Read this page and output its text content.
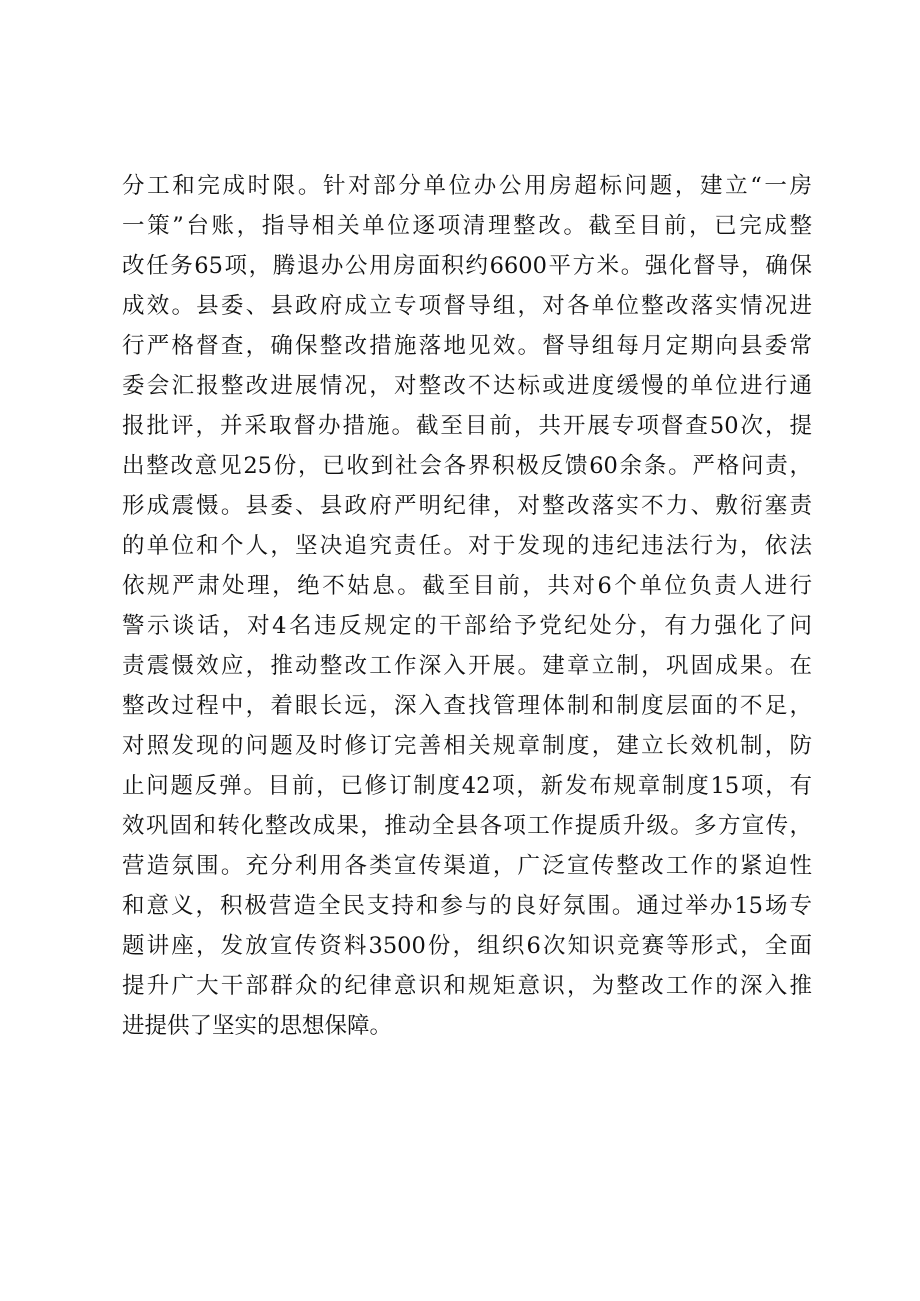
分工和完成时限。针对部分单位办公用房超标问题，建立“一房
一策”台账，指导相关单位逐项清理整改。截至目前，已完成整
改任务65项，腾退办公用房面积约6600平方米。强化督导，确保
成效。县委、县政府成立专项督导组，对各单位整改落实情况进
行严格督查，确保整改措施落地见效。督导组每月定期向县委常
委会汇报整改进展情况，对整改不达标或进度缓慢的单位进行通
报批评，并采取督办措施。截至目前，共开展专项督查50次，提
出整改意见25份，已收到社会各界积极反馈60余条。严格问责，
形成震慑。县委、县政府严明纪律，对整改落实不力、敷衍塞责
的单位和个人，坚决追究责任。对于发现的违纪违法行为，依法
依规严肃处理，绝不姑息。截至目前，共对6个单位负责人进行
警示谈话，对4名违反规定的干部给予党纪处分，有力强化了问
责震慑效应，推动整改工作深入开展。建章立制，巩固成果。在
整改过程中，着眼长远，深入查找管理体制和制度层面的不足，
对照发现的问题及时修订完善相关规章制度，建立长效机制，防
止问题反弹。目前，已修订制度42项，新发布规章制度15项，有
效巩固和转化整改成果，推动全县各项工作提质升级。多方宣传，
营造氛围。充分利用各类宣传渠道，广泛宣传整改工作的紧迫性
和意义，积极营造全民支持和参与的良好氛围。通过举办15场专
题讲座，发放宣传资料3500份，组织6次知识竞赛等形式，全面
提升广大干部群众的纪律意识和规矩意识，为整改工作的深入推
进提供了坚实的思想保障。
